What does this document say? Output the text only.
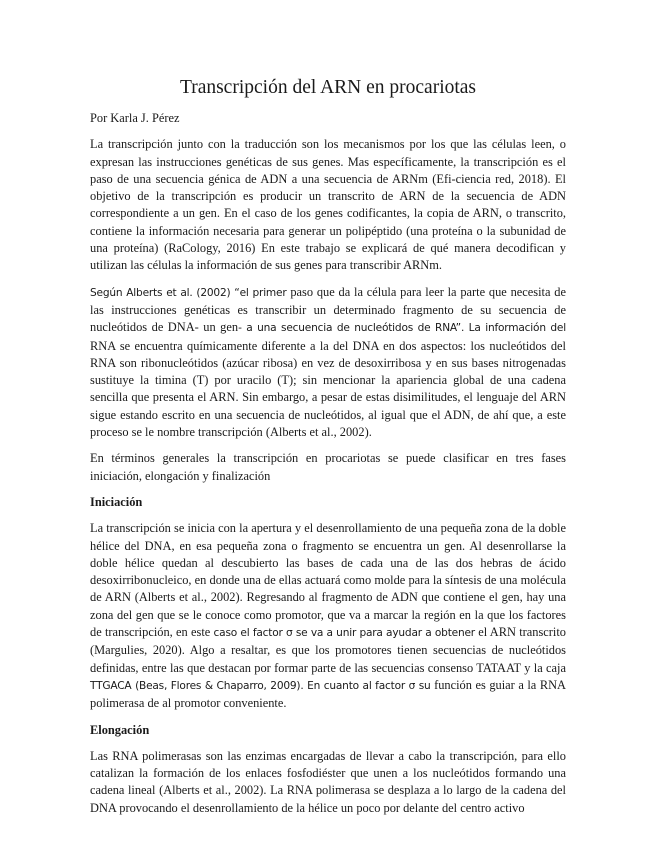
Transcripción del ARN en procariotas
Por Karla J. Pérez

La transcripción junto con la traducción son los mecanismos por los que las células leen, o expresan las instrucciones genéticas de sus genes. Mas específicamente, la transcripción es el paso de una secuencia génica de ADN a una secuencia de ARNm (Efi-ciencia red, 2018). El objetivo de la transcripción es producir un transcrito de ARN de la secuencia de ADN correspondiente a un gen. En el caso de los genes codificantes, la copia de ARN, o transcrito, contiene la información necesaria para generar un polipéptido (una proteína o la subunidad de una proteína) (RaCology, 2016) En este trabajo se explicará de qué manera decodifican y utilizan las células la información de sus genes para transcribir ARNm.

Según Alberts et al. (2002) “el primer paso que da la célula para leer la parte que necesita de las instrucciones genéticas es transcribir un determinado fragmento de su secuencia de nucleótidos de DNA- un gen- a una secuencia de nucleótidos de RNA”. La información del RNA se encuentra químicamente diferente a la del DNA en dos aspectos: los nucleótidos del RNA son ribonucleótidos (azúcar ribosa) en vez de desoxirribosa y en sus bases nitrogenadas sustituye la timina (T) por uracilo (T); sin mencionar la apariencia global de una cadena sencilla que presenta el ARN. Sin embargo, a pesar de estas disimilitudes, el lenguaje del ARN sigue estando escrito en una secuencia de nucleótidos, al igual que el ADN, de ahí que, a este proceso se le nombre transcripción (Alberts et al., 2002).

En términos generales la transcripción en procariotas se puede clasificar en tres fases iniciación, elongación y finalización

Iniciación

La transcripción se inicia con la apertura y el desenrollamiento de una pequeña zona de la doble hélice del DNA, en esa pequeña zona o fragmento se encuentra un gen. Al desenrollarse la doble hélice quedan al descubierto las bases de cada una de las dos hebras de ácido desoxirribonucleico, en donde una de ellas actuará como molde para la síntesis de una molécula de ARN (Alberts et al., 2002). Regresando al fragmento de ADN que contiene el gen, hay una zona del gen que se le conoce como promotor, que va a marcar la región en la que los factores de transcripción, en este caso el factor σ se va a unir para ayudar a obtener el ARN transcrito (Margulies, 2020). Algo a resaltar, es que los promotores tienen secuencias de nucleótidos definidas, entre las que destacan por formar parte de las secuencias consenso TATAAT y la caja TTGACA (Beas, Flores & Chaparro, 2009). En cuanto al factor σ su función es guiar a la RNA polimerasa de al promotor conveniente.

Elongación

Las RNA polimerasas son las enzimas encargadas de llevar a cabo la transcripción, para ello catalizan la formación de los enlaces fosfodiéster que unen a los nucleótidos formando una cadena lineal (Alberts et al., 2002). La RNA polimerasa se desplaza a lo largo de la cadena del DNA provocando el desenrollamiento de la hélice un poco por delante del centro activo
